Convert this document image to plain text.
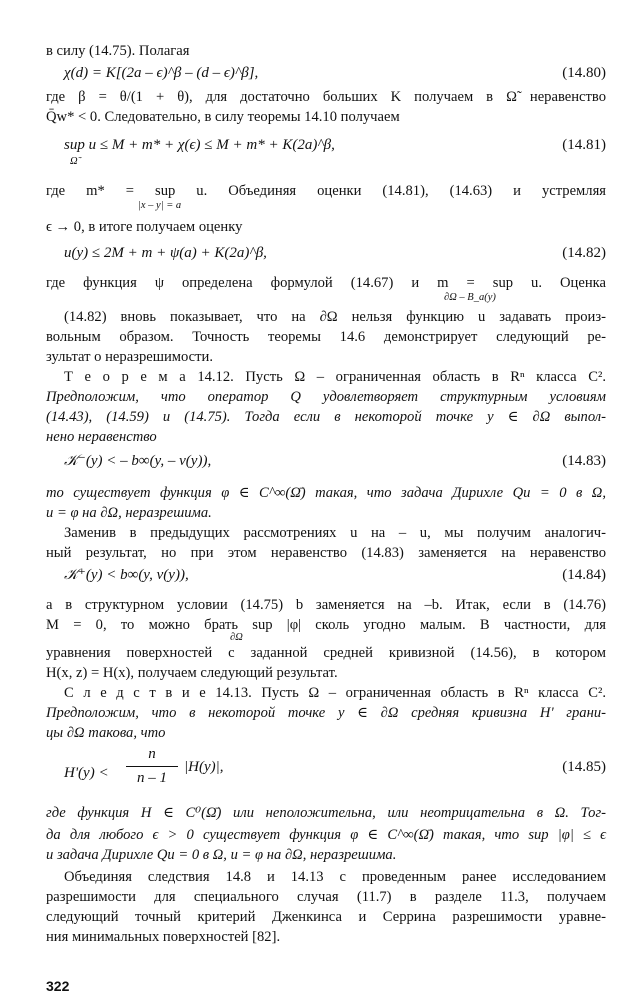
в силу (14.75). Полагая
χ(d) = K[(2a – ϵ)^β – (d – ϵ)^β],	(14.80)
где β = θ/(1 + θ), для достаточно больших K получаем в Ω̃ неравенство
Q̄w* < 0. Следовательно, в силу теоремы 14.10 получаем
sup u ≤ M + m* + χ(ϵ) ≤ M + m* + K(2a)^β,
Ω̃
(14.81)
где m* = sup u. Объединяя оценки (14.81), (14.63) и устремляя
|x – y| = a
ϵ → 0, в итоге получаем оценку
u(y) ≤ 2M + m + ψ(a) + K(2a)^β,	(14.82)
где функция ψ определена формулой (14.67) и m = sup u. Оценка
∂Ω – B_a(y)
(14.82) вновь показывает, что на ∂Ω нельзя функцию u задавать произ-
вольным образом. Точность теоремы 14.6 демонстрирует следующий ре-
зультат о неразрешимости.
Т е о р е м а 14.12. Пусть Ω – ограниченная область в Rⁿ класса C².
Предположим, что оператор Q удовлетворяет структурным условиям
(14.43), (14.59) и (14.75). Тогда если в некоторой точке y ∈ ∂Ω выпол-
нено неравенство
𝒦⁻(y) < – b∞(y, – ν(y)),	(14.83)
то существует функция φ ∈ C^∞(Ω̄) такая, что задача Дирихле Qu = 0 в Ω,
u = φ на ∂Ω, неразрешима.
Заменив в предыдущих рассмотрениях u на – u, мы получим аналогич-
ный результат, но при этом неравенство (14.83) заменяется на неравенство
𝒦⁺(y) < b∞(y, ν(y)),	(14.84)
а в структурном условии (14.75) b заменяется на –b. Итак, если в (14.76)
M = 0, то можно брать sup |φ| сколь угодно малым. В частности, для
∂Ω
уравнения поверхностей с заданной средней кривизной (14.56), в котором
H(x, z) = H(x), получаем следующий результат.
С л е д с т в и е 14.13. Пусть Ω – ограниченная область в Rⁿ класса C².
Предположим, что в некоторой точке y ∈ ∂Ω средняя кривизна H' грани-
цы ∂Ω такова, что
H'(y) <
n
n – 1
|H(y)|,	(14.85)
где функция H ∈ C⁰(Ω̄) или неположительна, или неотрицательна в Ω. Тог-
да для любого ϵ > 0 существует функция φ ∈ C^∞(Ω̄) такая, что sup |φ| ≤ ϵ
и задача Дирихле Qu = 0 в Ω, u = φ на ∂Ω, неразрешима.
Объединяя следствия 14.8 и 14.13 с проведенным ранее исследованием
разрешимости для специального случая (11.7) в разделе 11.3, получаем
следующий точный критерий Дженкинса и Серрина разрешимости уравне-
ния минимальных поверхностей [82].
322
